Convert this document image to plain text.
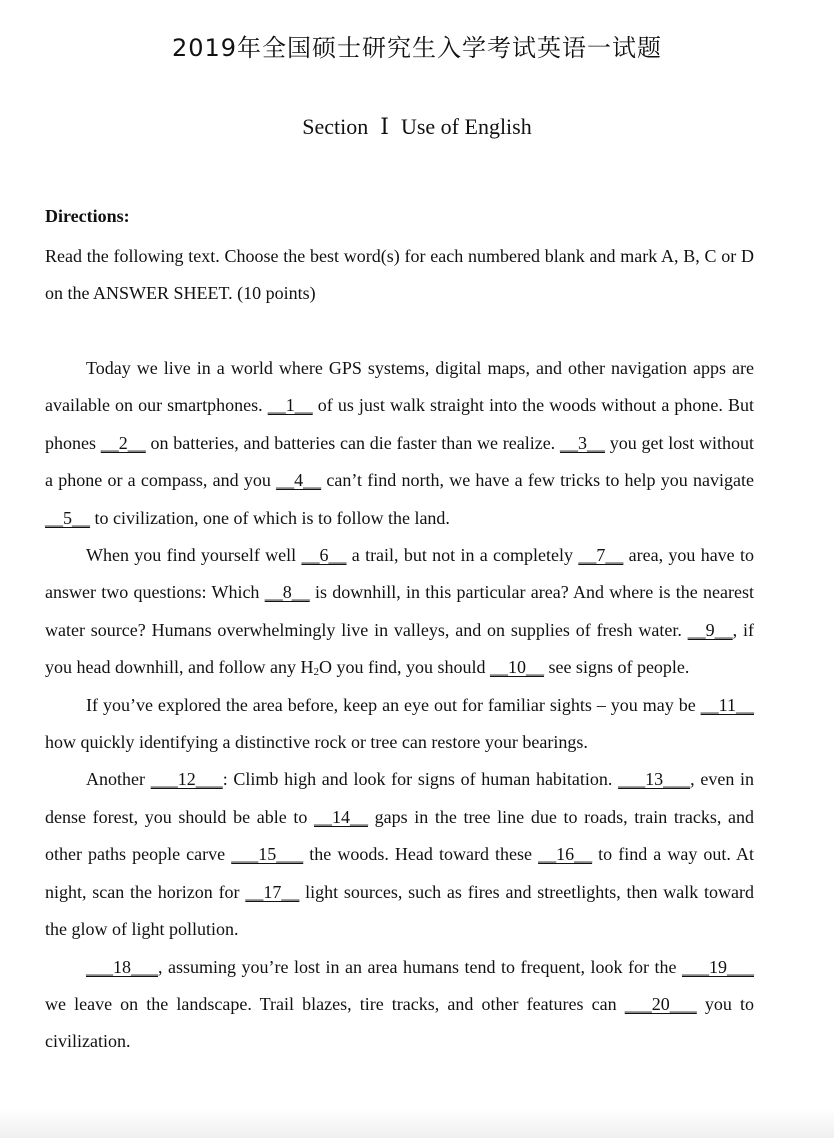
2019年全国硕士研究生入学考试英语一试题
Section Ⅰ Use of English
Directions:
Read the following text. Choose the best word(s) for each numbered blank and mark A, B, C or D on the ANSWER SHEET. (10 points)

Today we live in a world where GPS systems, digital maps, and other navigation apps are available on our smartphones. __1__ of us just walk straight into the woods without a phone. But phones __2__ on batteries, and batteries can die faster than we realize. __3__ you get lost without a phone or a compass, and you __4__ can’t find north, we have a few tricks to help you navigate __5__ to civilization, one of which is to follow the land.

When you find yourself well __6__ a trail, but not in a completely __7__ area, you have to answer two questions: Which __8__ is downhill, in this particular area? And where is the nearest water source? Humans overwhelmingly live in valleys, and on supplies of fresh water. __9__, if you head downhill, and follow any $H_2O$ you find, you should __10__ see signs of people.

If you’ve explored the area before, keep an eye out for familiar sights – you may be __11__ how quickly identifying a distinctive rock or tree can restore your bearings.

Another ___12___: Climb high and look for signs of human habitation. ___13___, even in dense forest, you should be able to __14__ gaps in the tree line due to roads, train tracks, and other paths people carve ___15___ the woods. Head toward these __16__ to find a way out. At night, scan the horizon for __17__ light sources, such as fires and streetlights, then walk toward the glow of light pollution.

___18___, assuming you’re lost in an area humans tend to frequent, look for the ___19___ we leave on the landscape. Trail blazes, tire tracks, and other features can ___20___ you to civilization.
